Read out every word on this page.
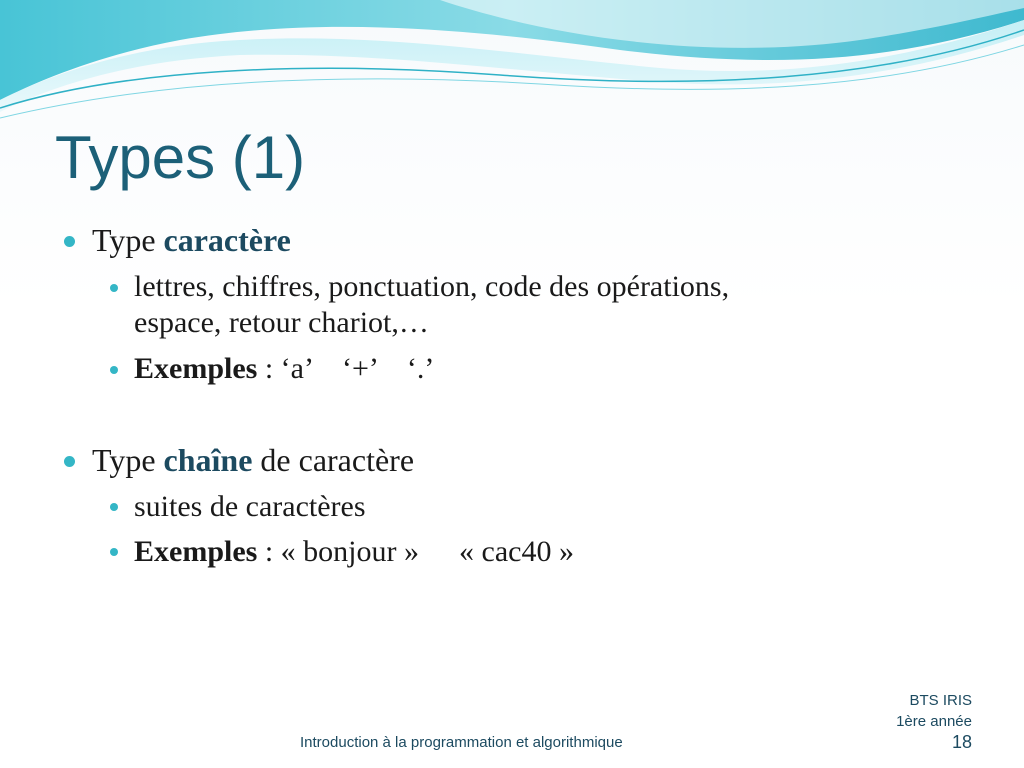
Types (1)
Type caractère
lettres, chiffres, ponctuation, code des opérations,
espace, retour chariot,…
Exemples : ‘a’ ‘+’ ‘.’
Type chaîne de caractère
suites de caractères
Exemples : « bonjour » « cac40 »
Introduction à la programmation et algorithmique
BTS IRIS
1ère année
18
